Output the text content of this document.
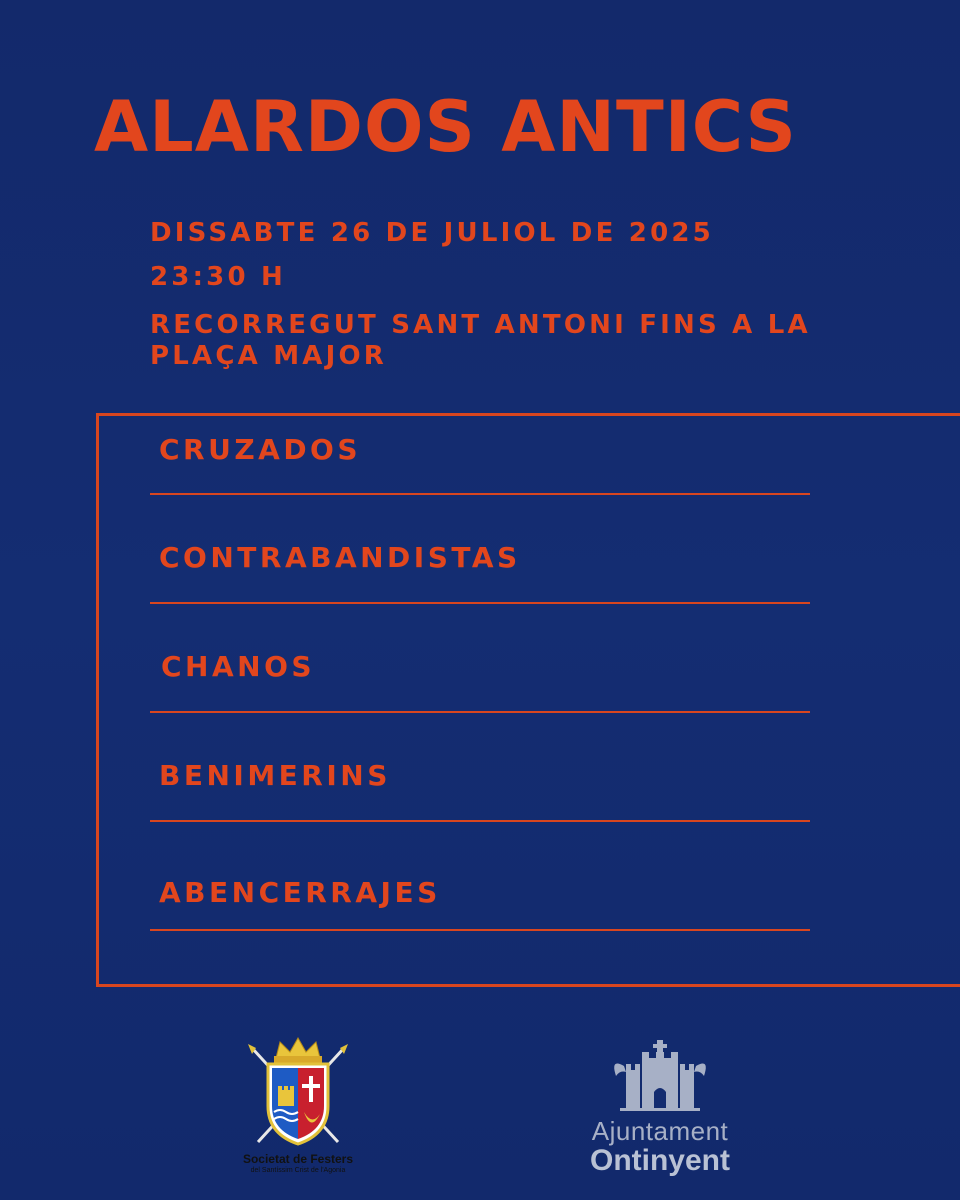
ALARDOS ANTICS

DISSABTE 26 DE JULIOL DE 2025

23:30 H

RECORREGUT SANT ANTONI FINS A LA PLAÇA MAJOR

CRUZADOS
CONTRABANDISTAS
CHANOS
BENIMERINS
ABENCERRAJES
Societat de Festers
del Santíssim Crist de l'Agonia
Ajuntament
Ontinyent
